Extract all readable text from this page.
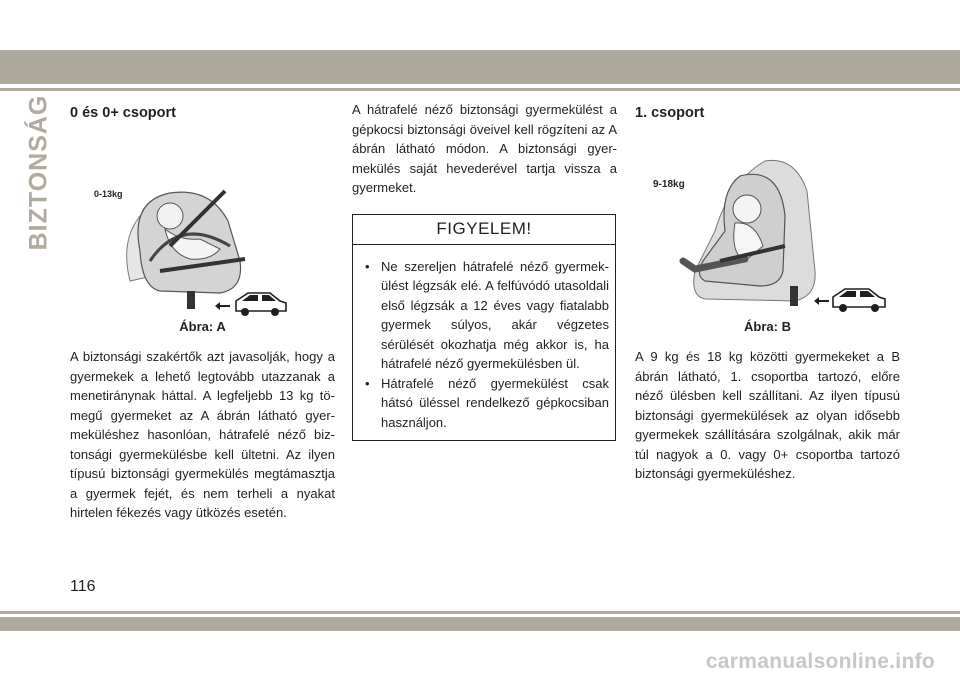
BIZTONSÁG 0 és 0+ csoport
0-13kg
Ábra: A

A biztonsági szakértők azt javasolják, hogy a gyermekek a lehető legtovább utazzanak a menetiránynak háttal. A legfeljebb 13 kg tömegű gyermeket az A ábrán látható gyermeküléshez hasonlóan, hátrafelé néző biztonsági gyermekülésbe kell ültetni. Az ilyen típusú biztonsági gyermekülés megtámasztja a gyermek fejét, és nem terheli a nyakat hirtelen fékezés vagy ütközés esetén.

A hátrafelé néző biztonsági gyermekülést a gépkocsi biztonsági öveivel kell rögzíteni az A ábrán látható módon. A biztonsági gyermekülés saját hevederével tartja vissza a gyermeket.

FIGYELEM!
• Ne szereljen hátrafelé néző gyermekülést légzsák elé. A felfúvódó utasoldali első légzsák a 12 éves vagy fiatalabb gyermek súlyos, akár végzetes sérülését okozhatja még akkor is, ha hátrafelé néző gyermekülésben ül.
• Hátrafelé néző gyermekülést csak hátsó üléssel rendelkező gépkocsiban használjon.
1. csoport
9-18kg
Ábra: B

A 9 kg és 18 kg közötti gyermekeket a B ábrán látható, 1. csoportba tartozó, előre néző ülésben kell szállítani. Az ilyen típusú biztonsági gyermekülések az olyan idősebb gyermekek szállítására szolgálnak, akik már túl nagyok a 0. vagy 0+ csoportba tartozó biztonsági gyermeküléshez.

116
carmanualsonline.info
